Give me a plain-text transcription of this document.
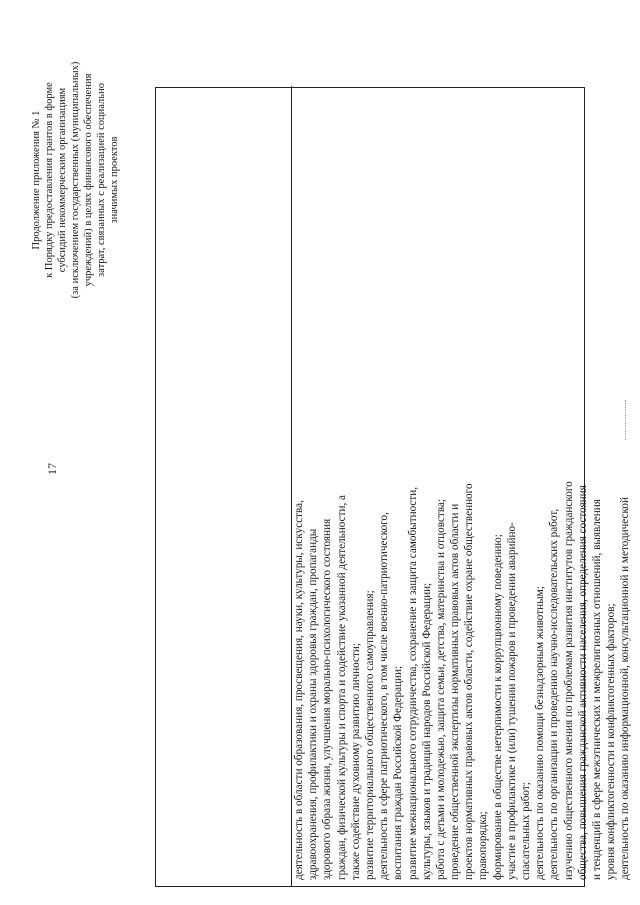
17
Продолжение приложения № 1 к Порядку предоставления грантов в форме субсидий некоммерческим организациям (за исключением государственных (муниципальных) учреждений) в целях финансового обеспечения затрат, связанных с реализацией социально значимых проектов
деятельность в области образования, просвещения, науки, культуры, искусства, здравоохранения, профилактики и охраны здоровья граждан, пропаганды здорового образа жизни, улучшения морально-психологического состояния граждан, физической культуры и спорта и содействие указанной деятельности, а также содействие духовному развитию личности; развитие территориального общественного самоуправления; деятельность в сфере патриотического, в том числе военно-патриотического, воспитания граждан Российской Федерации; развитие межнационального сотрудничества, сохранение и защита самобытности, культуры, языков и традиций народов Российской Федерации; работа с детьми и молодежью, защита семьи, детства, материнства и отцовства; проведение общественной экспертизы нормативных правовых актов области и проектов нормативных правовых актов области, содействие охране общественного правопорядка; формирование в обществе нетерпимости к коррупционному поведению; участие в профилактике и (или) тушении пожаров и проведении аварийно- спасательных работ; деятельность по оказанию помощи безнадзорным животным; деятельность по организации и проведению научно-исследовательских работ, изучению общественного мнения по проблемам развития институтов гражданского общества, повышения гражданской активности населения, определения состояния и тенденций в сфере межэтнических и межрелигиозных отношений, выявления уровня конфликтогенности и конфликтогенных факторов; деятельность по оказанию информационной, консультационной и методической
